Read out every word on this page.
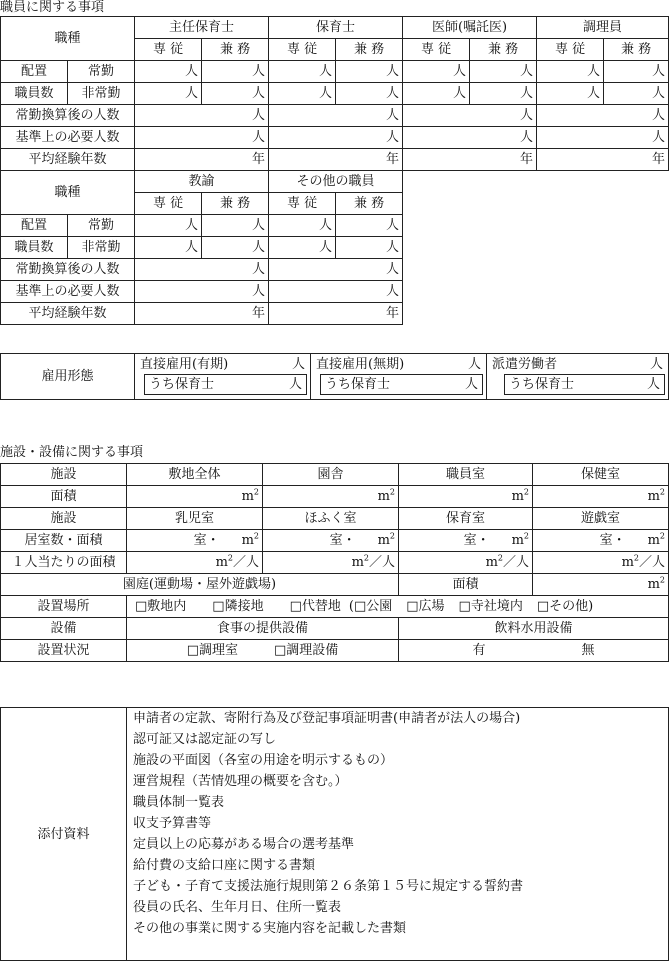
職員に関する事項
職種		主任保育士		保育士		医師(嘱託医)		調理員	
		専 従	兼 務	専 従	兼 務	専 従	兼 務	専 従	兼 務
配置	常勤	人	人	人	人	人	人	人	人
職員数	非常勤	人	人	人	人	人	人	人	人
常勤換算後の人数		人		人		人		人	
基準上の必要人数		人		人		人		人	
平均経験年数		年		年		年		年	
職種		教諭		その他の職員					
		専 従	兼 務	専 従	兼 務				
配置	常勤	人	人	人	人				
職員数	非常勤	人	人	人	人				
常勤換算後の人数		人		人					
基準上の必要人数		人		人					
平均経験年数		年		年					
雇用形態	
直接雇用(有期)	人
うち保育士	人

直接雇用(無期)	人
うち保育士	人

派遣労働者	人
うち保育士	人
施設・設備に関する事項
施設	敷地全体	園舎	職員室	保健室
面積	$m^2$	$m^2$	$m^2$	$m^2$
施設	乳児室	ほふく室	保育室	遊戯室
居室数・面積	室・ $m^2$	室・ $m^2$	室・ $m^2$	室・ $m^2$
１人当たりの面積	$m^2/$人	$m^2/$人	$m^2/$人	$m^2/$人
園庭(運動場・屋外遊戯場)			面積	$m^2$
設置場所	□敷地内 □隣接地 □代替地 (□公園 □広場 □寺社境内 □その他)			
設備	食事の提供設備		飲料水用設備	
設置状況	□調理室 □調理設備		有 無	
添付資料	
申請者の定款、寄附行為及び登記事項証明書(申請者が法人の場合)
認可証又は認定証の写し
施設の平面図（各室の用途を明示するもの）
運営規程（苦情処理の概要を含む。）
職員体制一覧表
収支予算書等
定員以上の応募がある場合の選考基準
給付費の支給口座に関する書類
子ども・子育て支援法施行規則第２６条第１５号に規定する誓約書
役員の氏名、生年月日、住所一覧表
その他の事業に関する実施内容を記載した書類
